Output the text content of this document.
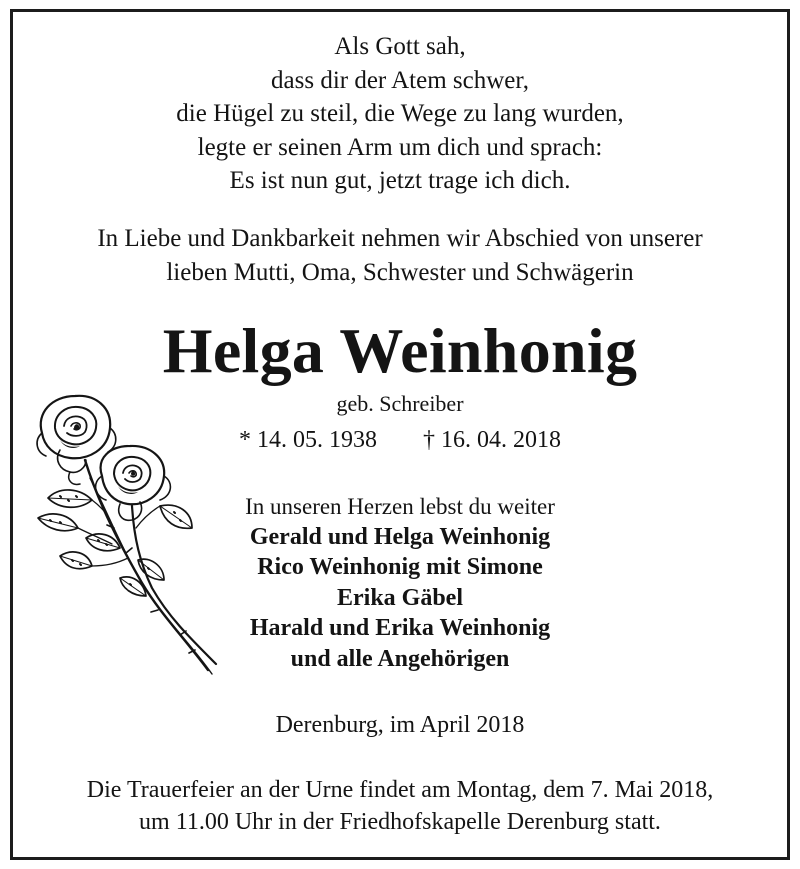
Als Gott sah,
dass dir der Atem schwer,
die Hügel zu steil, die Wege zu lang wurden,
legte er seinen Arm um dich und sprach:
Es ist nun gut, jetzt trage ich dich.
In Liebe und Dankbarkeit nehmen wir Abschied von unserer
lieben Mutti, Oma, Schwester und Schwägerin
Helga Weinhonig
geb. Schreiber
* 14. 05. 1938 † 16. 04. 2018
In unseren Herzen lebst du weiter
Gerald und Helga Weinhonig
Rico Weinhonig mit Simone
Erika Gäbel
Harald und Erika Weinhonig
und alle Angehörigen
Derenburg, im April 2018
Die Trauerfeier an der Urne findet am Montag, dem 7. Mai 2018,
um 11.00 Uhr in der Friedhofskapelle Derenburg statt.
